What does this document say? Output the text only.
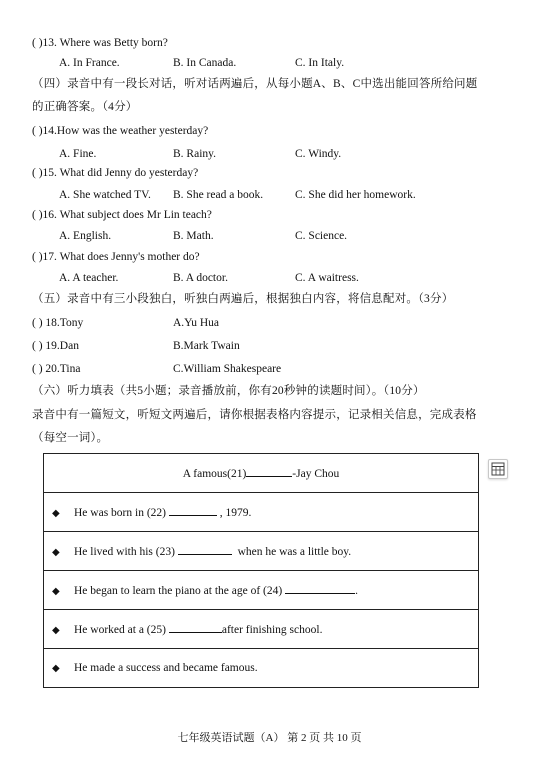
( )13. Where was Betty born?
A. In France.	B. In Canada.	C. In Italy.
（四）录音中有一段长对话，听对话两遍后，从每小题A、B、C中选出能回答所给问题
的正确答案。（4分）
( )14.How was the weather yesterday?
A. Fine.	B. Rainy.	C. Windy.
( )15. What did Jenny do yesterday?
A. She watched TV. B. She read a book.	C. She did her homework.
( )16. What subject does Mr Lin teach?
A. English.	B. Math.	C. Science.
( )17. What does Jenny's mother do?
A. A teacher.	B. A doctor.	C. A waitress.
（五）录音中有三小段独白，听独白两遍后，根据独白内容，将信息配对。（3分）
( ) 18.Tony	A.Yu Hua
( ) 19.Dan	B.Mark Twain
( ) 20.Tina	C.William Shakespeare
（六）听力填表（共5小题；录音播放前，你有20秒钟的读题时间）。（10分）
录音中有一篇短文，听短文两遍后，请你根据表格内容提示，记录相关信息，完成表格
（每空一词）。
A famous(21)	-Jay Chou
◆ He was born in (22)	, 1979.
◆ He lived with his (23)	when he was a little boy.
◆ He began to learn the piano at the age of (24)	.
◆ He worked at a (25)	after finishing school.
◆ He made a success and became famous.
七年级英语试题（A） 第 2 页 共 10 页
